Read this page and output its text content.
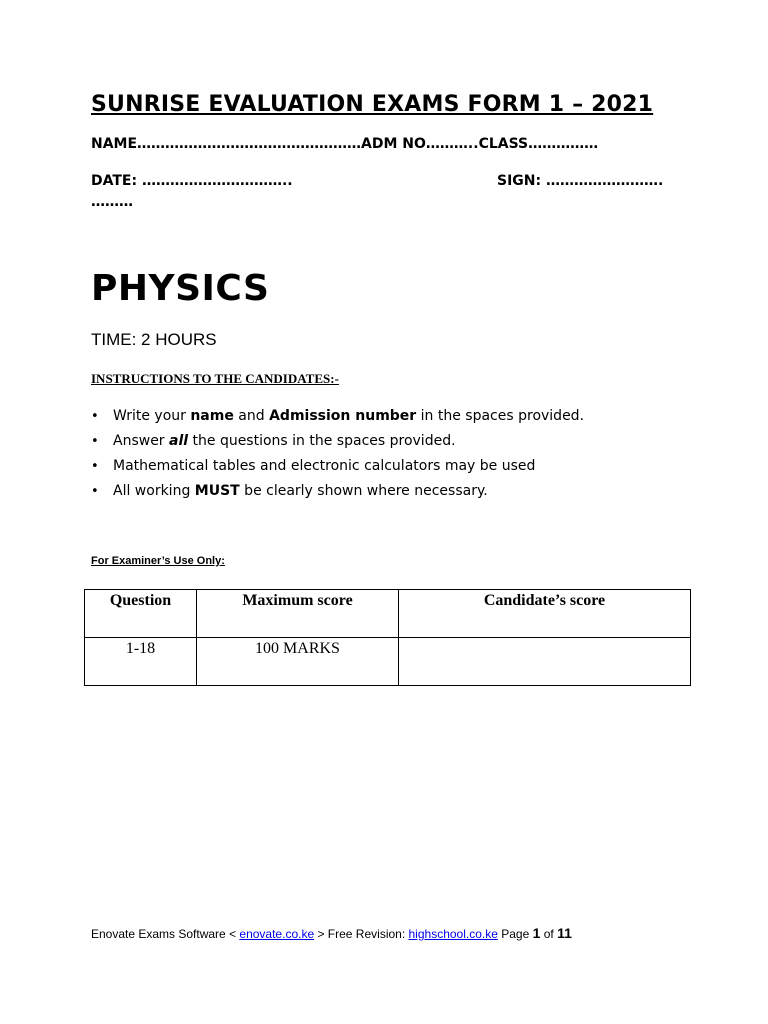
SUNRISE EVALUATION EXAMS FORM 1 – 2021
NAME…………………………………………ADM NO………..CLASS……………
DATE: …………………………..	SIGN: …………………….
………
PHYSICS
TIME: 2 HOURS
INSTRUCTIONS TO THE CANDIDATES:-
• Write your name and Admission number in the spaces provided.
• Answer all the questions in the spaces provided.
• Mathematical tables and electronic calculators may be used
• All working MUST be clearly shown where necessary.
For Examiner’s Use Only:
Question	Maximum score	Candidate’s score
1-18	100 MARKS	
Enovate Exams Software < enovate.co.ke > Free Revision: highschool.co.ke Page 1 of 11
